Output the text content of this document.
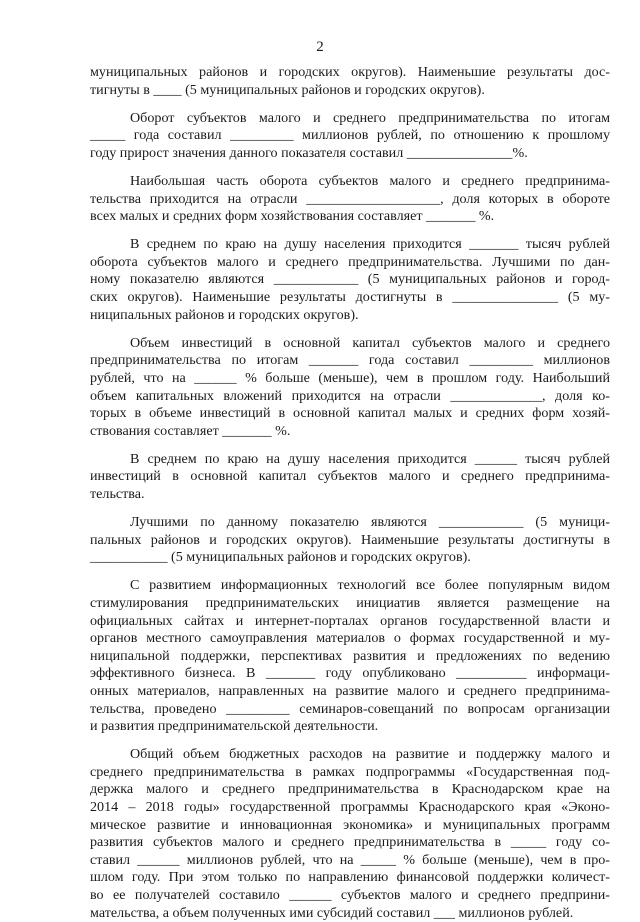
2
муниципальных районов и городских округов). Наименьшие результаты дос-
тигнуты в ____ (5 муниципальных районов и городских округов).
Оборот субъектов малого и среднего предпринимательства по итогам
_____ года составил _________ миллионов рублей, по отношению к прошлому
году прирост значения данного показателя составил _______________%.
Наибольшая часть оборота субъектов малого и среднего предпринима-
тельства приходится на отрасли ___________________, доля которых в обороте
всех малых и средних форм хозяйствования составляет _______ %.
В среднем по краю на душу населения приходится _______ тысяч рублей
оборота субъектов малого и среднего предпринимательства. Лучшими по дан-
ному показателю являются ____________ (5 муниципальных районов и город-
ских округов). Наименьшие результаты достигнуты в _______________ (5 му-
ниципальных районов и городских округов).
Объем инвестиций в основной капитал субъектов малого и среднего
предпринимательства по итогам _______ года составил _________ миллионов
рублей, что на ______ % больше (меньше), чем в прошлом году. Наибольший
объем капитальных вложений приходится на отрасли _____________, доля ко-
торых в объеме инвестиций в основной капитал малых и средних форм хозяй-
ствования составляет _______ %.
В среднем по краю на душу населения приходится ______ тысяч рублей
инвестиций в основной капитал субъектов малого и среднего предпринима-
тельства.
Лучшими по данному показателю являются ____________ (5 муници-
пальных районов и городских округов). Наименьшие результаты достигнуты в
___________ (5 муниципальных районов и городских округов).
С развитием информационных технологий все более популярным видом
стимулирования предпринимательских инициатив является размещение на
официальных сайтах и интернет-порталах органов государственной власти и
органов местного самоуправления материалов о формах государственной и му-
ниципальной поддержки, перспективах развития и предложениях по ведению
эффективного бизнеса. В _______ году опубликовано __________ информаци-
онных материалов, направленных на развитие малого и среднего предпринима-
тельства, проведено _________ семинаров-совещаний по вопросам организации
и развития предпринимательской деятельности.
Общий объем бюджетных расходов на развитие и поддержку малого и
среднего предпринимательства в рамках подпрограммы «Государственная под-
держка малого и среднего предпринимательства в Краснодарском крае на
2014 – 2018 годы» государственной программы Краснодарского края «Эконо-
мическое развитие и инновационная экономика» и муниципальных программ
развития субъектов малого и среднего предпринимательства в _____ году со-
ставил ______ миллионов рублей, что на _____ % больше (меньше), чем в про-
шлом году. При этом только по направлению финансовой поддержки количест-
во ее получателей составило ______ субъектов малого и среднего предприни-
мательства, а объем полученных ими субсидий составил ___ миллионов рублей.
